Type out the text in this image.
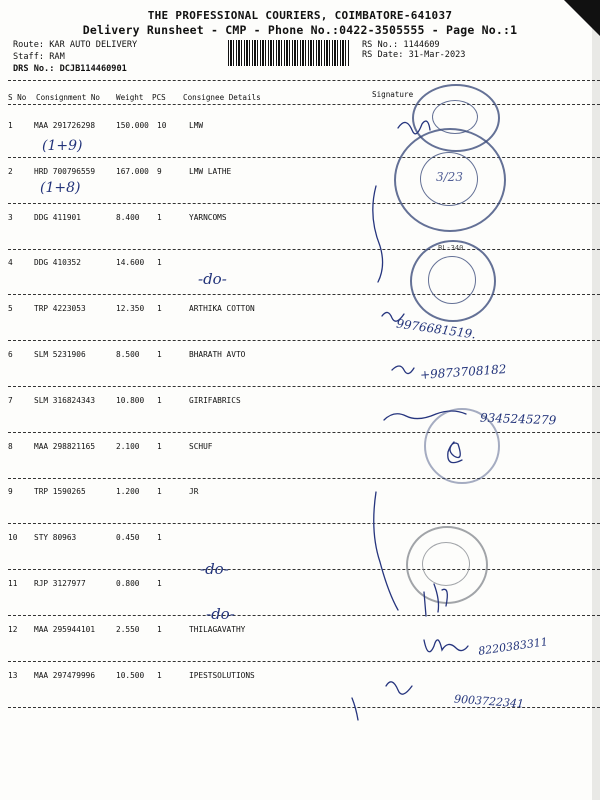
THE PROFESSIONAL COURIERS, COIMBATORE-641037
Delivery Runsheet - CMP - Phone No.:0422-3505555 - Page No.:1
Route: KAR AUTO DELIVERY
Staff: RAM
DRS No.: DCJB114460901
RS No.: 1144609
RS Date: 31-Mar-2023
S No Consignment No Weight PCS Consignee Details	Signature
1	MAA 291726298	150.000 10	LMW
2	HRD 700796559	167.000 9	LMW LATHE
3	DDG 411901	8.400 1	YARNCOMS
4	DDG 410352	14.600 1
5	TRP 4223053	12.350 1	ARTHIKA COTTON
6	SLM 5231906	8.500 1	BHARATH AVTO
7	SLM 316824343	10.800 1	GIRIFABRICS
8	MAA 298821165	2.100 1	SCHUF
9	TRP 1590265	1.200 1	JR
10 STY 80963	0.450 1
11 RJP 3127977	0.800 1
12 MAA 295944101	2.550 1	THILAGAVATHY
13 MAA 297479996	10.500 1	IPESTSOLUTIONS
(1+9)
(1+8)
-do-
9976681519.
+9873708182
9345245279
-do-
-do-
8220383311
9003722341
3/23
BL-340
